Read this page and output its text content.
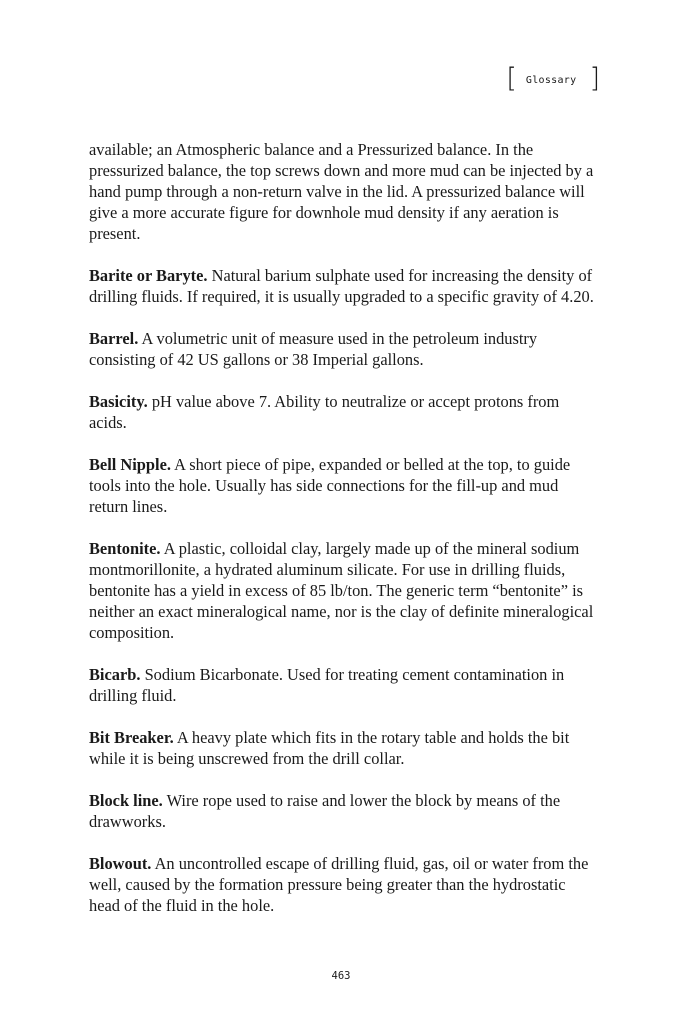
[ Glossary ]

available; an Atmospheric balance and a Pressurized balance. In the pressurized balance, the top screws down and more mud can be injected by a hand pump through a non-return valve in the lid. A pressurized balance will give a more accurate figure for downhole mud density if any aeration is present.

Barite or Baryte. Natural barium sulphate used for increasing the density of drilling fluids. If required, it is usually upgraded to a specific gravity of 4.20.

Barrel. A volumetric unit of measure used in the petroleum industry consisting of 42 US gallons or 38 Imperial gallons.

Basicity. pH value above 7. Ability to neutralize or accept protons from acids.

Bell Nipple. A short piece of pipe, expanded or belled at the top, to guide tools into the hole. Usually has side connections for the fill-up and mud return lines.

Bentonite. A plastic, colloidal clay, largely made up of the mineral sodium montmorillonite, a hydrated aluminum silicate. For use in drilling fluids, bentonite has a yield in excess of 85 lb/ton. The generic term “bentonite” is neither an exact mineralogical name, nor is the clay of definite mineralogical composition.

Bicarb. Sodium Bicarbonate. Used for treating cement contamination in drilling fluid.

Bit Breaker. A heavy plate which fits in the rotary table and holds the bit while it is being unscrewed from the drill collar.

Block line. Wire rope used to raise and lower the block by means of the drawworks.

Blowout. An uncontrolled escape of drilling fluid, gas, oil or water from the well, caused by the formation pressure being greater than the hydrostatic head of the fluid in the hole.

463
